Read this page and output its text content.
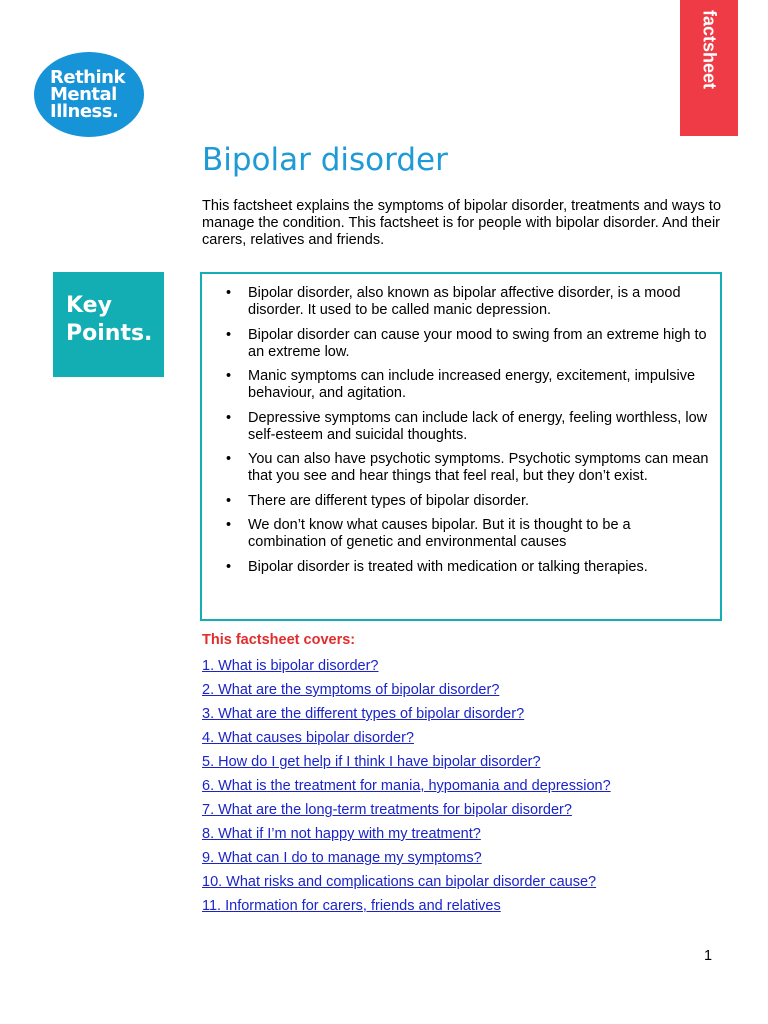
Rethink
Mental
Illness.
factsheet
Bipolar disorder

This factsheet explains the symptoms of bipolar disorder, treatments and ways to manage the condition. This factsheet is for people with bipolar disorder. And their carers, relatives and friends.

Key
Points.
• Bipolar disorder, also known as bipolar affective disorder, is a mood disorder. It used to be called manic depression.
• Bipolar disorder can cause your mood to swing from an extreme high to an extreme low.
• Manic symptoms can include increased energy, excitement, impulsive behaviour, and agitation.
• Depressive symptoms can include lack of energy, feeling worthless, low self-esteem and suicidal thoughts.
• You can also have psychotic symptoms. Psychotic symptoms can mean that you see and hear things that feel real, but they don’t exist.
• There are different types of bipolar disorder.
• We don’t know what causes bipolar. But it is thought to be a combination of genetic and environmental causes
• Bipolar disorder is treated with medication or talking therapies.
This factsheet covers:
1. What is bipolar disorder?
2. What are the symptoms of bipolar disorder?
3. What are the different types of bipolar disorder?
4. What causes bipolar disorder?
5. How do I get help if I think I have bipolar disorder?
6. What is the treatment for mania, hypomania and depression?
7. What are the long-term treatments for bipolar disorder?
8. What if I’m not happy with my treatment?
9. What can I do to manage my symptoms?
10. What risks and complications can bipolar disorder cause?
11. Information for carers, friends and relatives
1
